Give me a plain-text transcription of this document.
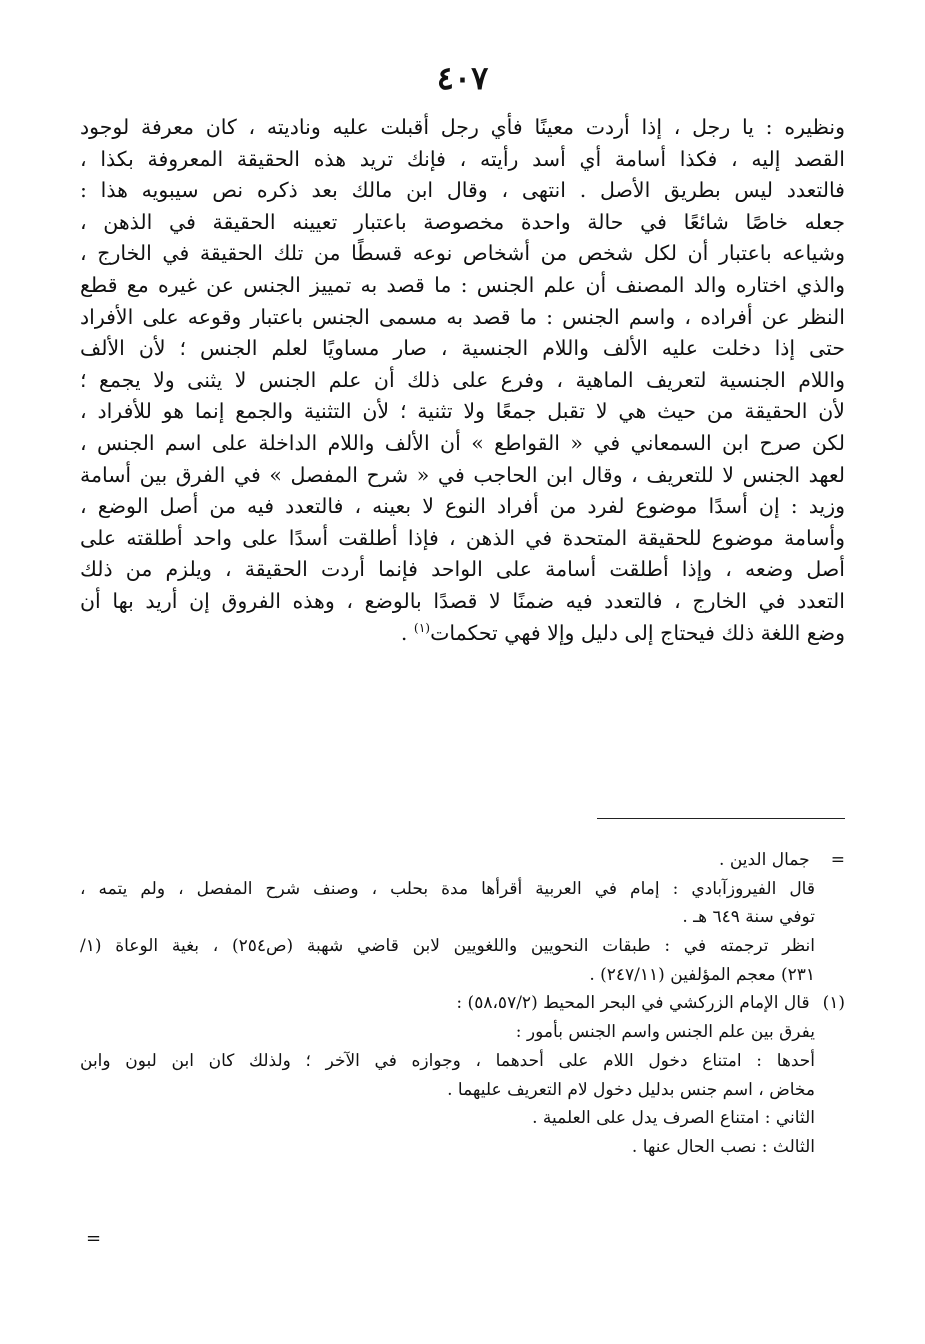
٤٠٧
ونظيره : يا رجل ، إذا أردت معينًا فأي رجل أقبلت عليه وناديته ، كان معرفة لوجود
القصد إليه ، فكذا أسامة أي أسد رأيته ، فإنك تريد هذه الحقيقة المعروفة بكذا ،
فالتعدد ليس بطريق الأصل . انتهى ، وقال ابن مالك بعد ذكره نص سيبويه هذا :
جعله خاصًا شائعًا في حالة واحدة مخصوصة باعتبار تعيينه الحقيقة في الذهن ،
وشياعه باعتبار أن لكل شخص من أشخاص نوعه قسطًا من تلك الحقيقة في الخارج ،
والذي اختاره والد المصنف أن علم الجنس : ما قصد به تمييز الجنس عن غيره مع قطع
النظر عن أفراده ، واسم الجنس : ما قصد به مسمى الجنس باعتبار وقوعه على الأفراد
حتى إذا دخلت عليه الألف واللام الجنسية ، صار مساويًا لعلم الجنس ؛ لأن الألف
واللام الجنسية لتعريف الماهية ، وفرع على ذلك أن علم الجنس لا يثنى ولا يجمع ؛
لأن الحقيقة من حيث هي لا تقبل جمعًا ولا تثنية ؛ لأن التثنية والجمع إنما هو للأفراد ،
لكن صرح ابن السمعاني في « القواطع » أن الألف واللام الداخلة على اسم الجنس ،
لعهد الجنس لا للتعريف ، وقال ابن الحاجب في « شرح المفصل » في الفرق بين أسامة
وزيد : إن أسدًا موضوع لفرد من أفراد النوع لا بعينه ، فالتعدد فيه من أصل الوضع ،
وأسامة موضوع للحقيقة المتحدة في الذهن ، فإذا أطلقت أسدًا على واحد أطلقته على
أصل وضعه ، وإذا أطلقت أسامة على الواحد فإنما أردت الحقيقة ، ويلزم من ذلك
التعدد في الخارج ، فالتعدد فيه ضمنًا لا قصدًا بالوضع ، وهذه الفروق إن أريد بها أن
وضع اللغة ذلك فيحتاج إلى دليل وإلا فهي تحكمات$^{(١)}$ .
= جمال الدين .
قال الفيروزآبادي : إمام في العربية أقرأها مدة بحلب ، وصنف شرح المفصل ، ولم يتمه ،
توفي سنة ٦٤٩ هـ .
انظر ترجمته في : طبقات النحويين واللغويين لابن قاضي شهبة (ص٢٥٤) ، بغية الوعاة (١/
٢٣١) معجم المؤلفين (٢٤٧/١١) .
(١) قال الإمام الزركشي في البحر المحيط (٥٨،٥٧/٢) :
يفرق بين علم الجنس واسم الجنس بأمور :
أحدها : امتناع دخول اللام على أحدهما ، وجوازه في الآخر ؛ ولذلك كان ابن لبون وابن
مخاض ، اسم جنس بدليل دخول لام التعريف عليهما .
الثاني : امتناع الصرف يدل على العلمية .
الثالث : نصب الحال عنها .
=
